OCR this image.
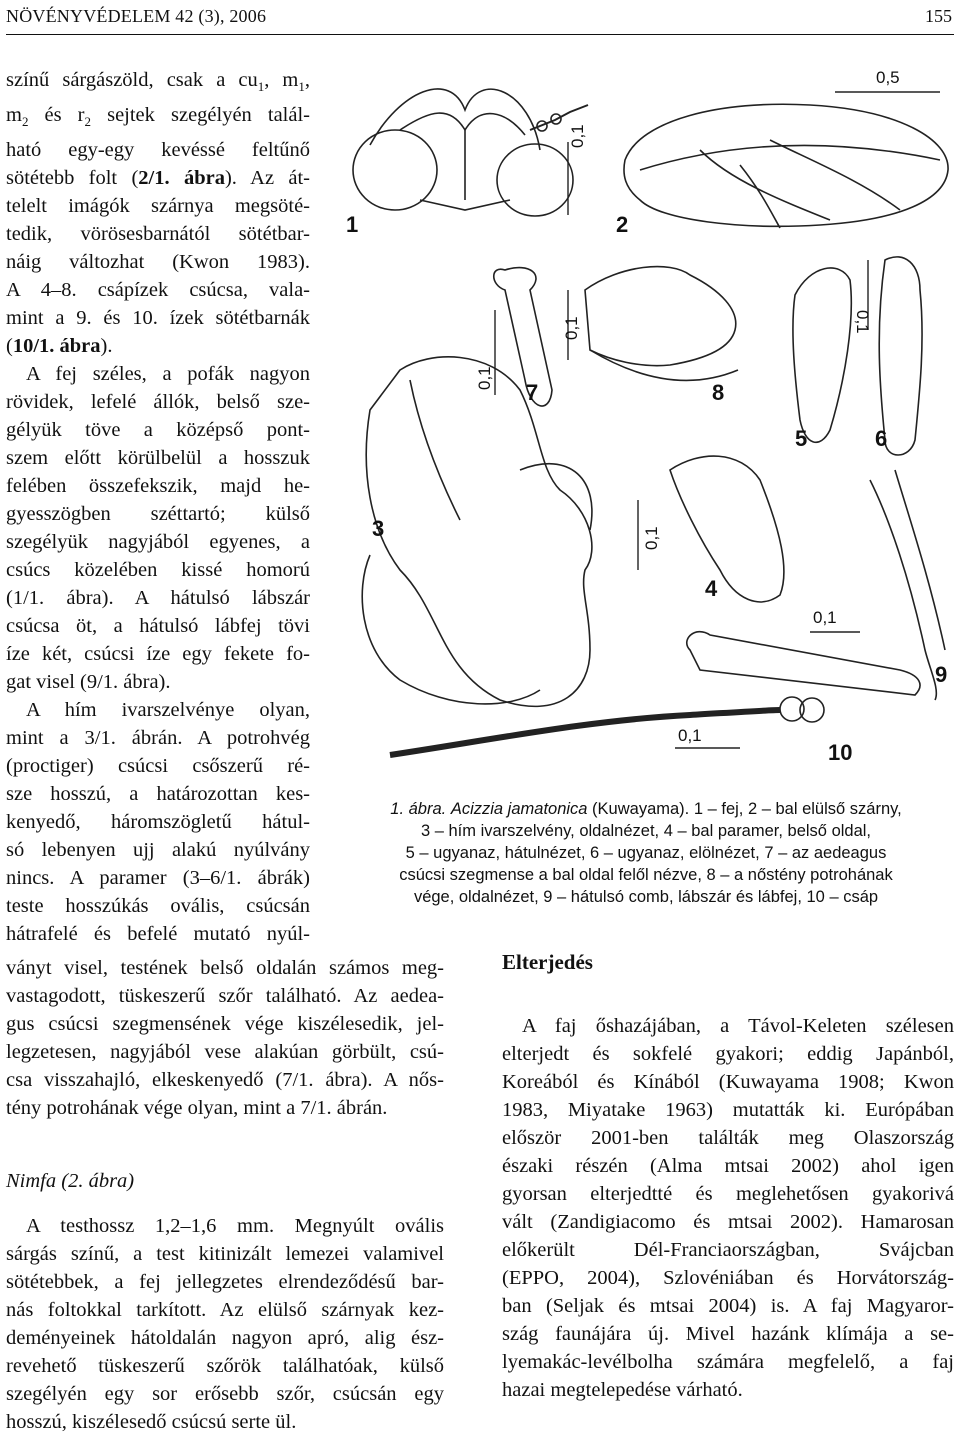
NÖVÉNYVÉDELEM 42 (3), 2006	155

színű sárgászöld, csak a $cu_1$, $m_1$,

$m_2$ és $r_2$ sejtek szegélyén talál-

ható egy-egy kevéssé feltűnő

sötétebb folt (2/1. ábra). Az át-

telelt imágók szárnya megsöté-

tedik, vörösesbarnától sötétbar-

náig változhat (Kwon 1983).

A 4–8. csápízek csúcsa, vala-

mint a 9. és 10. ízek sötétbarnák

(10/1. ábra).

A fej széles, a pofák nagyon

rövidek, lefelé állók, belső sze-

gélyük töve a középső pont-

szem előtt körülbelül a hosszuk

felében összefekszik, majd he-

gyesszögben széttartó; külső

szegélyük nagyjából egyenes, a

csúcs közelében kissé homorú

(1/1. ábra). A hátulsó lábszár

csúcsa öt, a hátulsó lábfej tövi

íze két, csúcsi íze egy fekete fo-

gat visel (9/1. ábra).

A hím ivarszelvénye olyan,

mint a 3/1. ábrán. A potrohvég

(proctiger) csúcsi csőszerű ré-

sze hosszú, a határozottan kes-

kenyedő, háromszögletű hátul-

só lebenyen ujj alakú nyúlvány

nincs. A paramer (3–6/1. ábrák)

teste hosszúkás ovális, csúcsán

hátrafelé és befelé mutató nyúl-

ványt visel, testének belső oldalán számos meg-

vastagodott, tüskeszerű szőr található. Az aedea-

gus csúcsi szegmensének vége kiszélesedik, jel-

legzetesen, nagyjából vese alakúan görbült, csú-

csa visszahajló, elkeskenyedő (7/1. ábra). A nős-

tény potrohának vége olyan, mint a 7/1. ábrán.

Nimfa (2. ábra)

A testhossz 1,2–1,6 mm. Megnyúlt ovális

sárgás színű, a test kitinizált lemezei valamivel

sötétebbek, a fej jellegzetes elrendeződésű bar-

nás foltokkal tarkított. Az elülső szárnyak kez-

deményeinek hátoldalán nagyon apró, alig ész-

revehető tüskeszerű szőrök találhatóak, külső

szegélyén egy sor erősebb szőr, csúcsán egy

hosszú, kiszélesedő csúcsú serte ül.

Elterjedés

A faj őshazájában, a Távol-Keleten szélesen

elterjedt és sokfelé gyakori; eddig Japánból,

Koreából és Kínából (Kuwayama 1908; Kwon

1983, Miyatake 1963) mutatták ki. Európában

először 2001-ben találták meg Olaszország

északi részén (Alma mtsai 2002) ahol igen

gyorsan elterjedtté és meglehetősen gyakorivá

vált (Zandigiacomo és mtsai 2002). Hamarosan

előkerült Dél-Franciaországban, Svájcban

(EPPO, 2004), Szlovéniában és Horvátország-

ban (Seljak és mtsai 2004) is. A faj Magyaror-

szág faunájára új. Mivel hazánk klímája a se-

lyemakác-levélbolha számára megfelelő, a faj

hazai megtelepedése várható.

1	2
3
4
5	6
7	8
9
10
0,5
0,1
0,1
0,1	0,1
0,1
0,1
0,1
1. ábra. Acizzia jamatonica (Kuwayama). 1 – fej, 2 – bal elülső szárny,
3 – hím ivarszelvény, oldalnézet, 4 – bal paramer, belső oldal,
5 – ugyanaz, hátulnézet, 6 – ugyanaz, elölnézet, 7 – az aedeagus
csúcsi szegmense a bal oldal felől nézve, 8 – a nőstény potrohának
vége, oldalnézet, 9 – hátulsó comb, lábszár és lábfej, 10 – csáp
